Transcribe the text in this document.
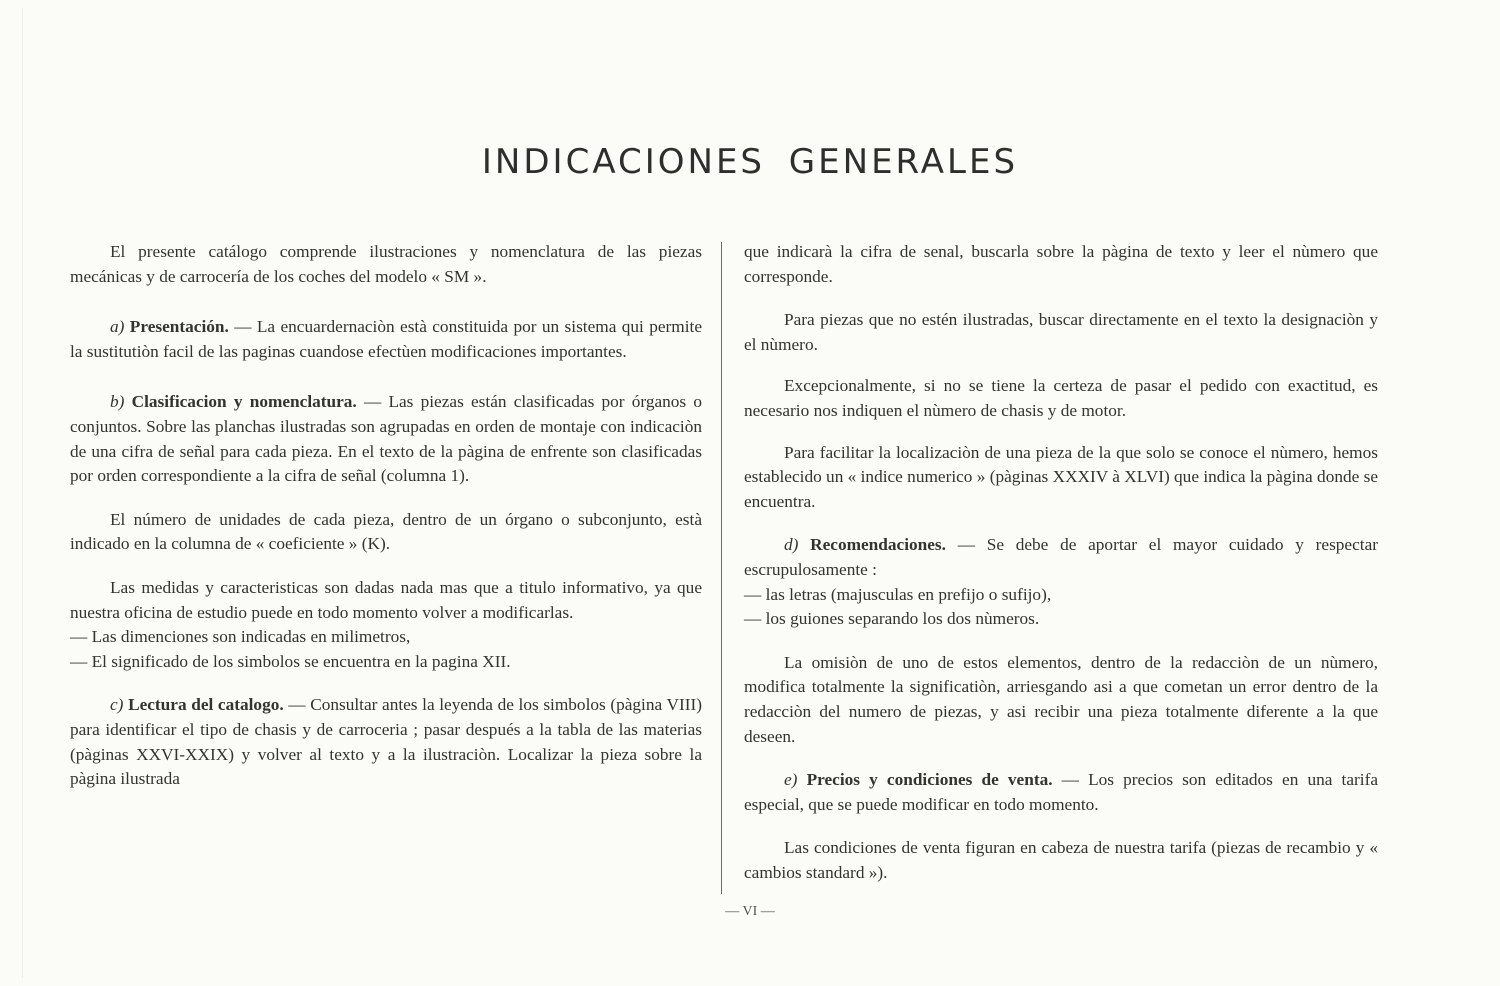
INDICACIONES GENERALES

El presente catálogo comprende ilustraciones y nomenclatura de las piezas mecánicas y de carrocería de los coches del modelo « SM ».

a) Presentación. — La encuardernaciòn està constituida por un sistema qui permite la sustitutiòn facil de las paginas cuandose efectùen modificaciones importantes.

b) Clasificacion y nomenclatura. — Las piezas están clasificadas por órganos o conjuntos. Sobre las planchas ilustradas son agrupadas en orden de montaje con indicaciòn de una cifra de señal para cada pieza. En el texto de la pàgina de enfrente son clasificadas por orden correspondiente a la cifra de señal (columna 1).

El número de unidades de cada pieza, dentro de un órgano o subconjunto, està indicado en la columna de « coeficiente » (K).

Las medidas y caracteristicas son dadas nada mas que a titulo informativo, ya que nuestra oficina de estudio puede en todo momento volver a modificarlas.

— Las dimenciones son indicadas en milimetros,

— El significado de los simbolos se encuentra en la pagina XII.

c) Lectura del catalogo. — Consultar antes la leyenda de los simbolos (pàgina VIII) para identificar el tipo de chasis y de carroceria ; pasar después a la tabla de las materias (pàginas XXVI-XXIX) y volver al texto y a la ilustraciòn. Localizar la pieza sobre la pàgina ilustrada

que indicarà la cifra de senal, buscarla sobre la pàgina de texto y leer el nùmero que corresponde.

Para piezas que no estén ilustradas, buscar directamente en el texto la designaciòn y el nùmero.

Excepcionalmente, si no se tiene la certeza de pasar el pedido con exactitud, es necesario nos indiquen el nùmero de chasis y de motor.

Para facilitar la localizaciòn de una pieza de la que solo se conoce el nùmero, hemos establecido un « indice numerico » (pàginas XXXIV à XLVI) que indica la pàgina donde se encuentra.

d) Recomendaciones. — Se debe de aportar el mayor cuidado y respectar escrupulosamente :

— las letras (majusculas en prefijo o sufijo),

— los guiones separando los dos nùmeros.

La omisiòn de uno de estos elementos, dentro de la redacciòn de un nùmero, modifica totalmente la significatiòn, arriesgando asi a que cometan un error dentro de la redacciòn del numero de piezas, y asi recibir una pieza totalmente diferente a la que deseen.

e) Precios y condiciones de venta. — Los precios son editados en una tarifa especial, que se puede modificar en todo momento.

Las condiciones de venta figuran en cabeza de nuestra tarifa (piezas de recambio y « cambios standard »).

— VI —
